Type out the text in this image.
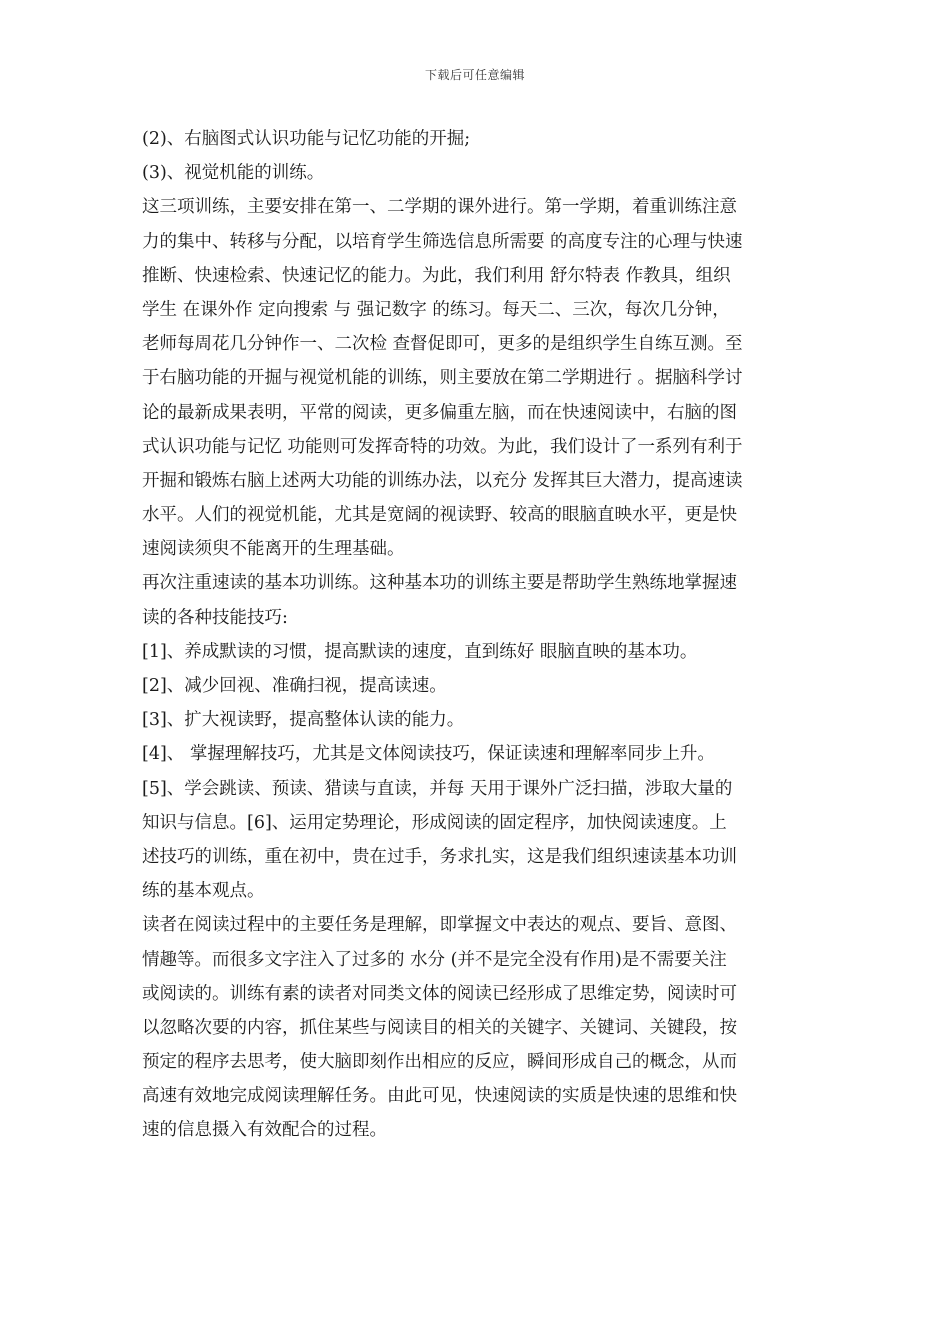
下载后可任意编辑
(2)、右脑图式认识功能与记忆功能的开掘;
(3)、视觉机能的训练。
这三项训练，主要安排在第一、二学期的课外进行。第一学期，着重训练注意
力的集中、转移与分配，以培育学生筛选信息所需要 的高度专注的心理与快速
推断、快速检索、快速记忆的能力。为此，我们利用 舒尔特表 作教具，组织
学生 在课外作 定向搜索 与 强记数字 的练习。每天二、三次，每次几分钟，
老师每周花几分钟作一、二次检 查督促即可，更多的是组织学生自练互测。至
于右脑功能的开掘与视觉机能的训练，则主要放在第二学期进行 。据脑科学讨
论的最新成果表明，平常的阅读，更多偏重左脑，而在快速阅读中，右脑的图
式认识功能与记忆 功能则可发挥奇特的功效。为此，我们设计了一系列有利于
开掘和锻炼右脑上述两大功能的训练办法，以充分 发挥其巨大潜力，提高速读
水平。人们的视觉机能，尤其是宽阔的视读野、较高的眼脑直映水平，更是快
速阅读须臾不能离开的生理基础。
再次注重速读的基本功训练。这种基本功的训练主要是帮助学生熟练地掌握速
读的各种技能技巧:
[1]、养成默读的习惯，提高默读的速度，直到练好 眼脑直映的基本功。
[2]、减少回视、准确扫视，提高读速。
[3]、扩大视读野，提高整体认读的能力。
[4]、 掌握理解技巧，尤其是文体阅读技巧，保证读速和理解率同步上升。
[5]、学会跳读、预读、猎读与直读，并每 天用于课外广泛扫描，涉取大量的
知识与信息。[6]、运用定势理论，形成阅读的固定程序，加快阅读速度。上
述技巧的训练，重在初中，贵在过手，务求扎实，这是我们组织速读基本功训
练的基本观点。
读者在阅读过程中的主要任务是理解，即掌握文中表达的观点、要旨、意图、
情趣等。而很多文字注入了过多的 水分 (并不是完全没有作用)是不需要关注
或阅读的。训练有素的读者对同类文体的阅读已经形成了思维定势，阅读时可
以忽略次要的内容，抓住某些与阅读目的相关的关键字、关键词、关键段，按
预定的程序去思考，使大脑即刻作出相应的反应，瞬间形成自己的概念，从而
高速有效地完成阅读理解任务。由此可见，快速阅读的实质是快速的思维和快
速的信息摄入有效配合的过程。
